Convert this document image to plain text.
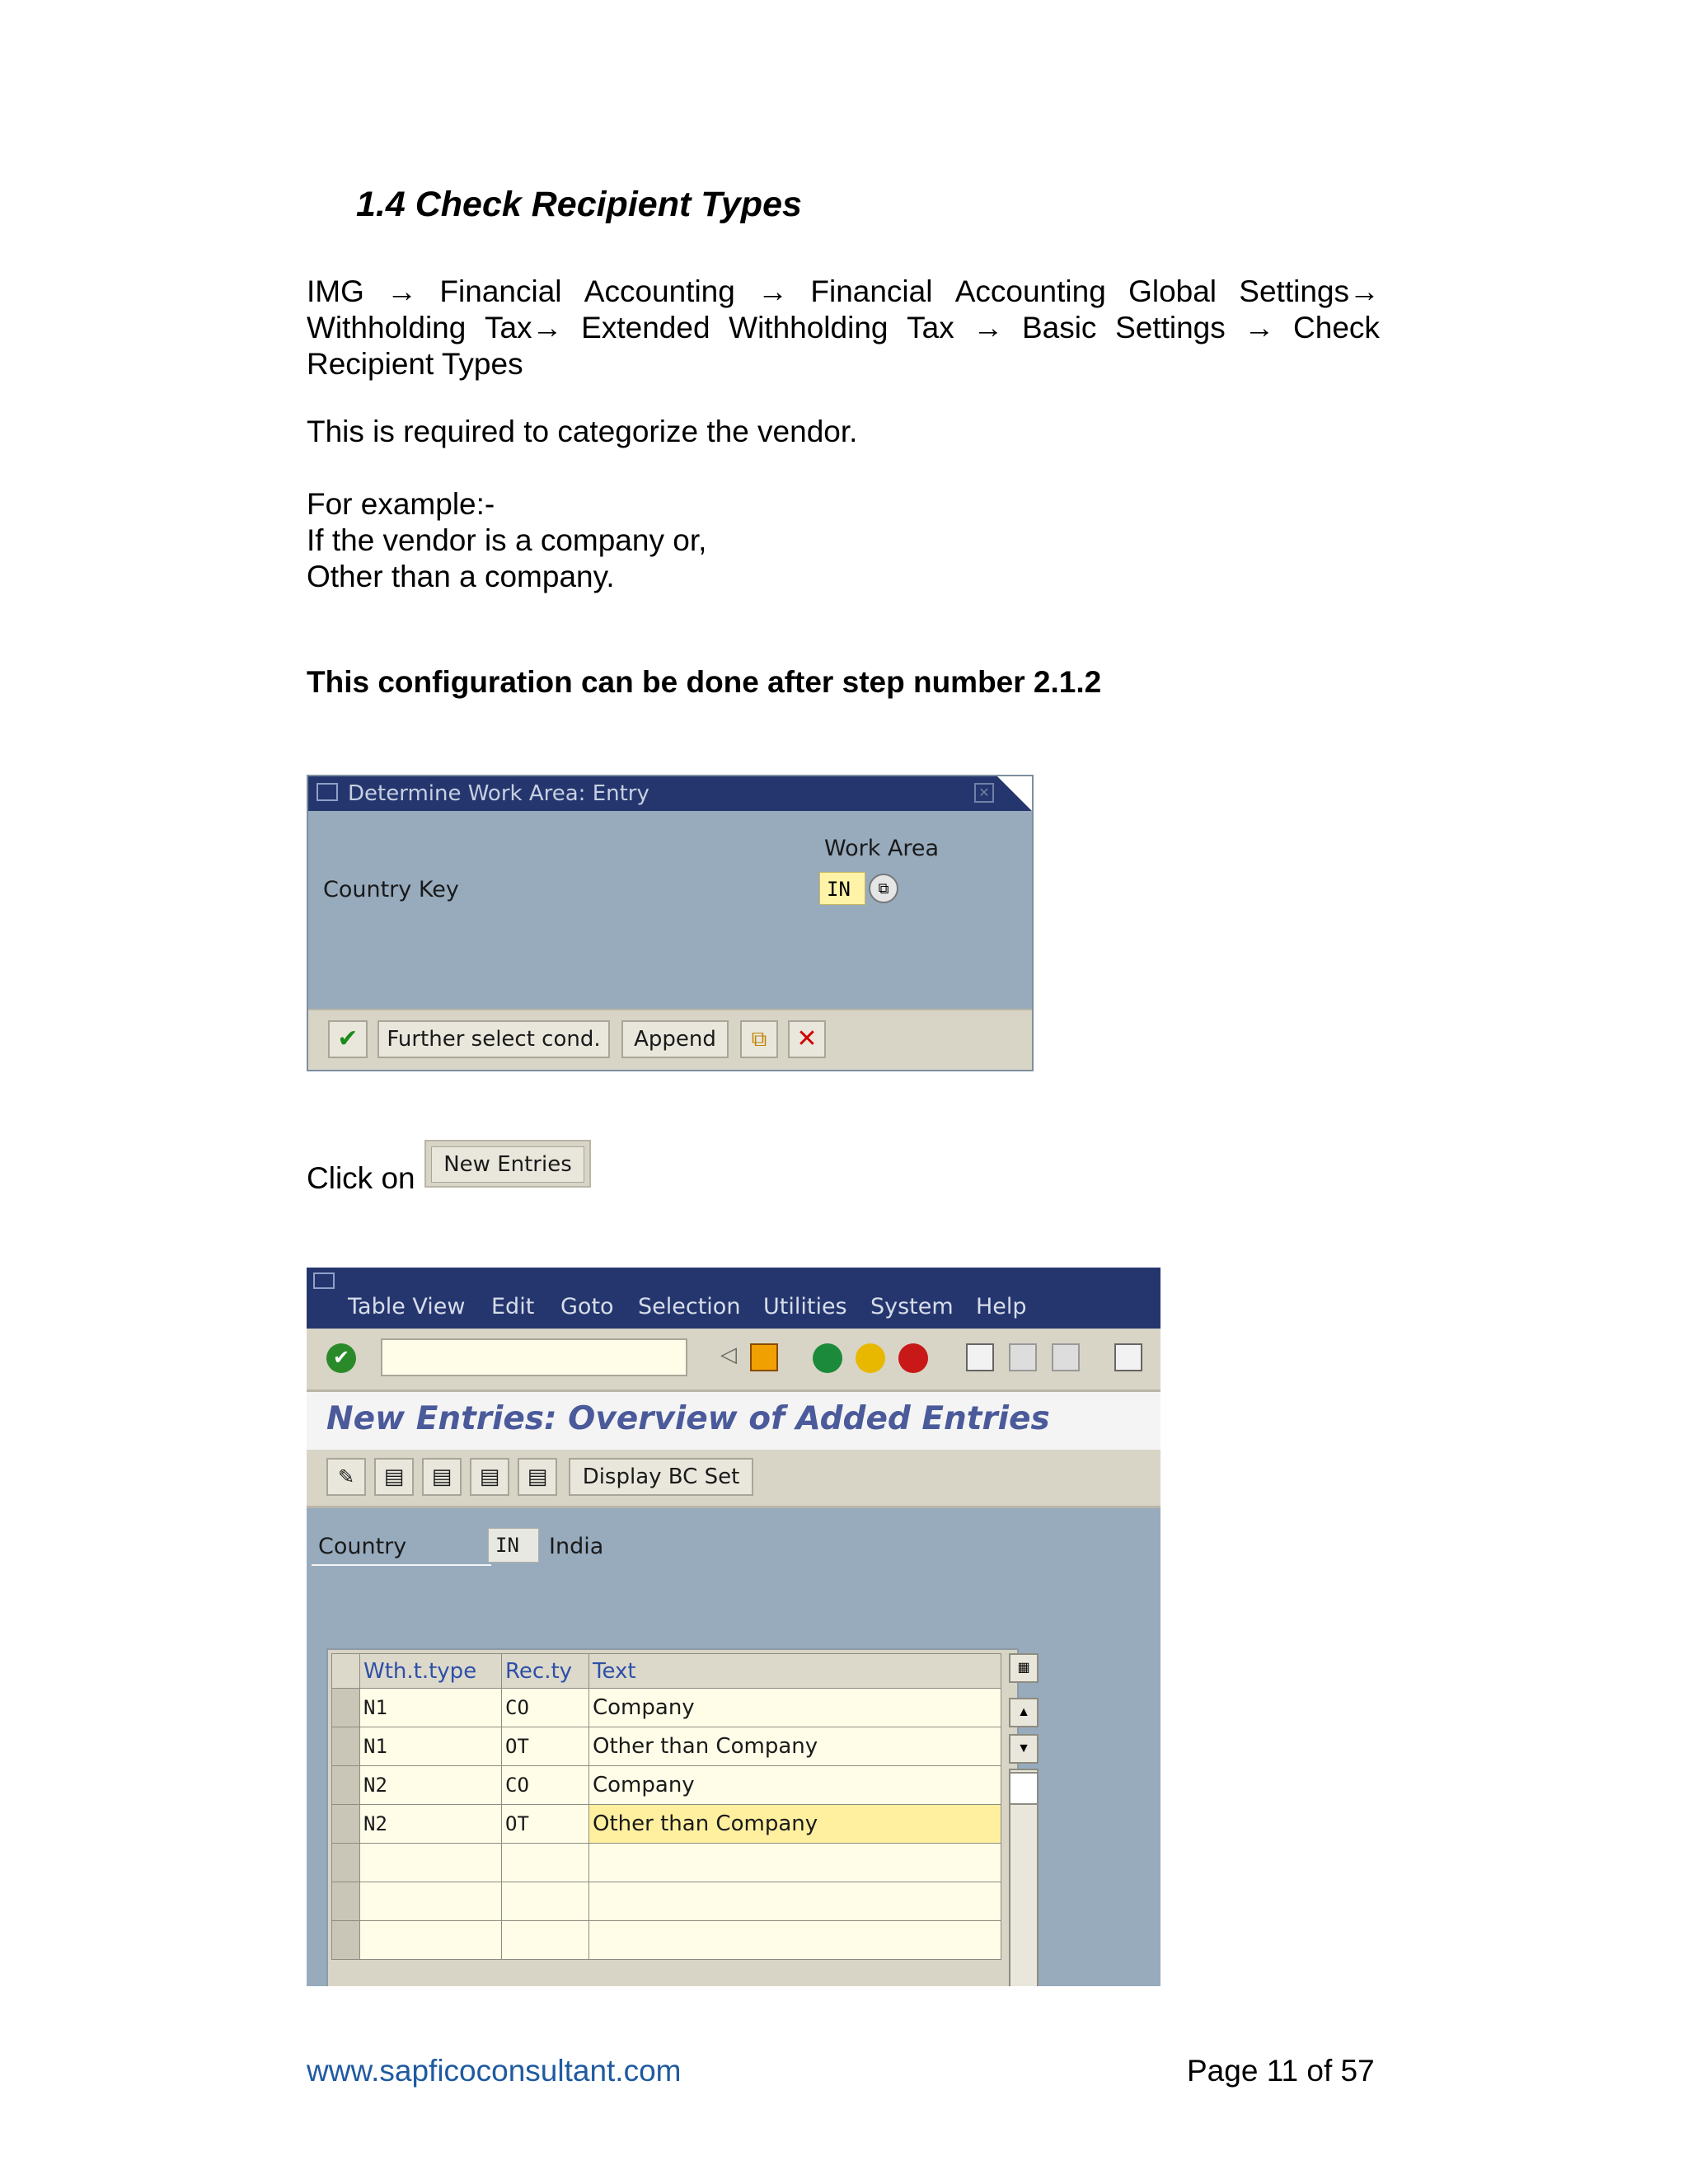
1.4 Check Recipient Types
IMG → Financial Accounting → Financial Accounting Global Settings→
Withholding Tax→ Extended Withholding Tax → Basic Settings → Check
Recipient Types
This is required to categorize the vendor.
For example:-
If the vendor is a company or,
Other than a company.
This configuration can be done after step number 2.1.2
Determine Work Area: Entry	✕
Work Area
Country Key	IN	⧉
✔	Further select cond.	Append	⧉	✕
Click on	New Entries
Table View Edit Goto Selection Utilities System Help
✔	◁
New Entries: Overview of Added Entries
✎	▤	▤	▤	▤	Display BC Set
Country	IN	India
	Wth.t.type	Rec.ty	Text
	N1	CO	Company
	N1	OT	Other than Company
	N2	CO	Company
	N2	OT	Other than Company

▦
▲
▼
www.sapficoconsultant.com	Page 11 of 57
